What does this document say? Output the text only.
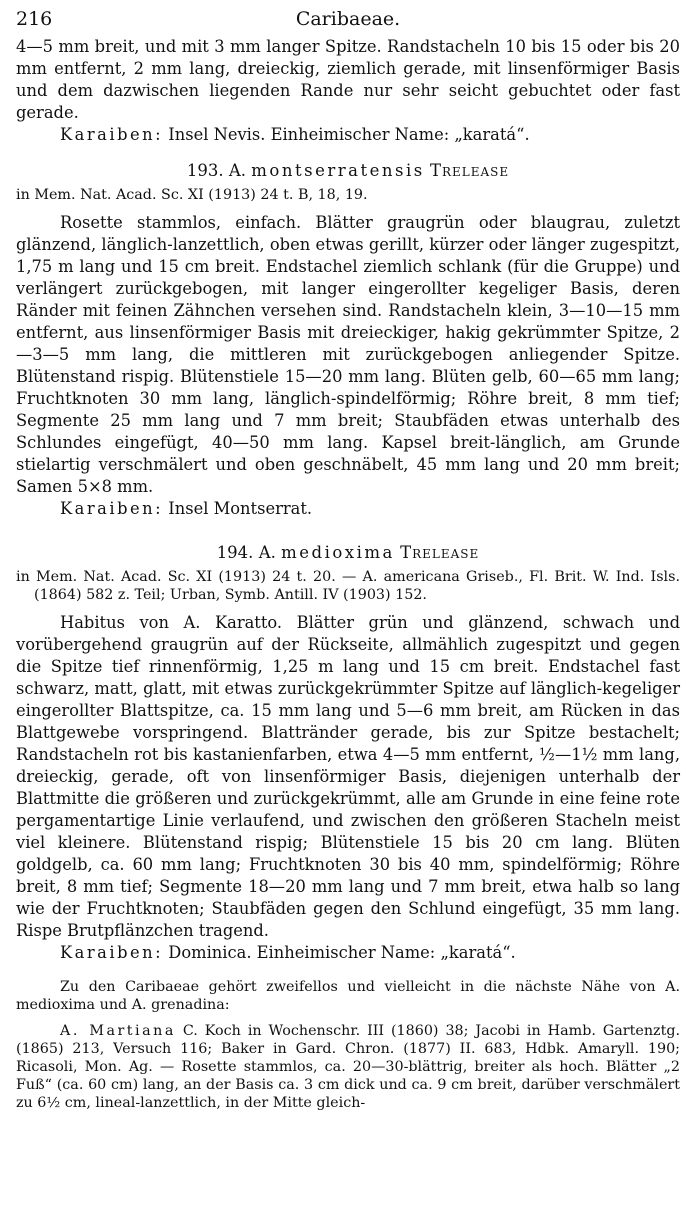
216	Caribaeae.

4—5 mm breit, und mit 3 mm langer Spitze. Randstacheln 10 bis 15 oder bis 20 mm entfernt, 2 mm lang, dreieckig, ziemlich gerade, mit linsenförmiger Basis und dem dazwischen liegenden Rande nur sehr seicht gebuchtet oder fast gerade.

Karaiben: Insel Nevis. Einheimischer Name: „karatá“.

193. A. montserratensis Trelease

in Mem. Nat. Acad. Sc. XI (1913) 24 t. B, 18, 19.

Rosette stammlos, einfach. Blätter graugrün oder blaugrau, zuletzt glänzend, länglich-lanzettlich, oben etwas gerillt, kürzer oder länger zugespitzt, 1,75 m lang und 15 cm breit. Endstachel ziemlich schlank (für die Gruppe) und verlängert zurückgebogen, mit langer eingerollter kegeliger Basis, deren Ränder mit feinen Zähnchen versehen sind. Randstacheln klein, 3—10—15 mm entfernt, aus linsenförmiger Basis mit dreieckiger, hakig gekrümmter Spitze, 2—3—5 mm lang, die mittleren mit zurückgebogen anliegender Spitze. Blütenstand rispig. Blütenstiele 15—20 mm lang. Blüten gelb, 60—65 mm lang; Fruchtknoten 30 mm lang, länglich-spindelförmig; Röhre breit, 8 mm tief; Segmente 25 mm lang und 7 mm breit; Staubfäden etwas unterhalb des Schlundes eingefügt, 40—50 mm lang. Kapsel breit-länglich, am Grunde stielartig verschmälert und oben geschnäbelt, 45 mm lang und 20 mm breit; Samen 5×8 mm.

Karaiben: Insel Montserrat.

194. A. medioxima Trelease

in Mem. Nat. Acad. Sc. XI (1913) 24 t. 20. — A. americana Griseb., Fl. Brit. W. Ind. Isls. (1864) 582 z. Teil; Urban, Symb. Antill. IV (1903) 152.

Habitus von A. Karatto. Blätter grün und glänzend, schwach und vorübergehend graugrün auf der Rückseite, allmählich zugespitzt und gegen die Spitze tief rinnenförmig, 1,25 m lang und 15 cm breit. Endstachel fast schwarz, matt, glatt, mit etwas zurückgekrümmter Spitze auf länglich-kegeliger eingerollter Blattspitze, ca. 15 mm lang und 5—6 mm breit, am Rücken in das Blattgewebe vorspringend. Blattränder gerade, bis zur Spitze bestachelt; Randstacheln rot bis kastanienfarben, etwa 4—5 mm entfernt, ½—1½ mm lang, dreieckig, gerade, oft von linsenförmiger Basis, diejenigen unterhalb der Blattmitte die größeren und zurückgekrümmt, alle am Grunde in eine feine rote pergamentartige Linie verlaufend, und zwischen den größeren Stacheln meist viel kleinere. Blütenstand rispig; Blütenstiele 15 bis 20 cm lang. Blüten goldgelb, ca. 60 mm lang; Fruchtknoten 30 bis 40 mm, spindelförmig; Röhre breit, 8 mm tief; Segmente 18—20 mm lang und 7 mm breit, etwa halb so lang wie der Fruchtknoten; Staubfäden gegen den Schlund eingefügt, 35 mm lang. Rispe Brutpflänzchen tragend.

Karaiben: Dominica. Einheimischer Name: „karatá“.

Zu den Caribaeae gehört zweifellos und vielleicht in die nächste Nähe von A. medioxima und A. grenadina:

A. Martiana C. Koch in Wochenschr. III (1860) 38; Jacobi in Hamb. Gartenztg. (1865) 213, Versuch 116; Baker in Gard. Chron. (1877) II. 683, Hdbk. Amaryll. 190; Ricasoli, Mon. Ag. — Rosette stammlos, ca. 20—30-blättrig, breiter als hoch. Blätter „2 Fuß“ (ca. 60 cm) lang, an der Basis ca. 3 cm dick und ca. 9 cm breit, darüber verschmälert zu 6½ cm, lineal-lanzettlich, in der Mitte gleich-
